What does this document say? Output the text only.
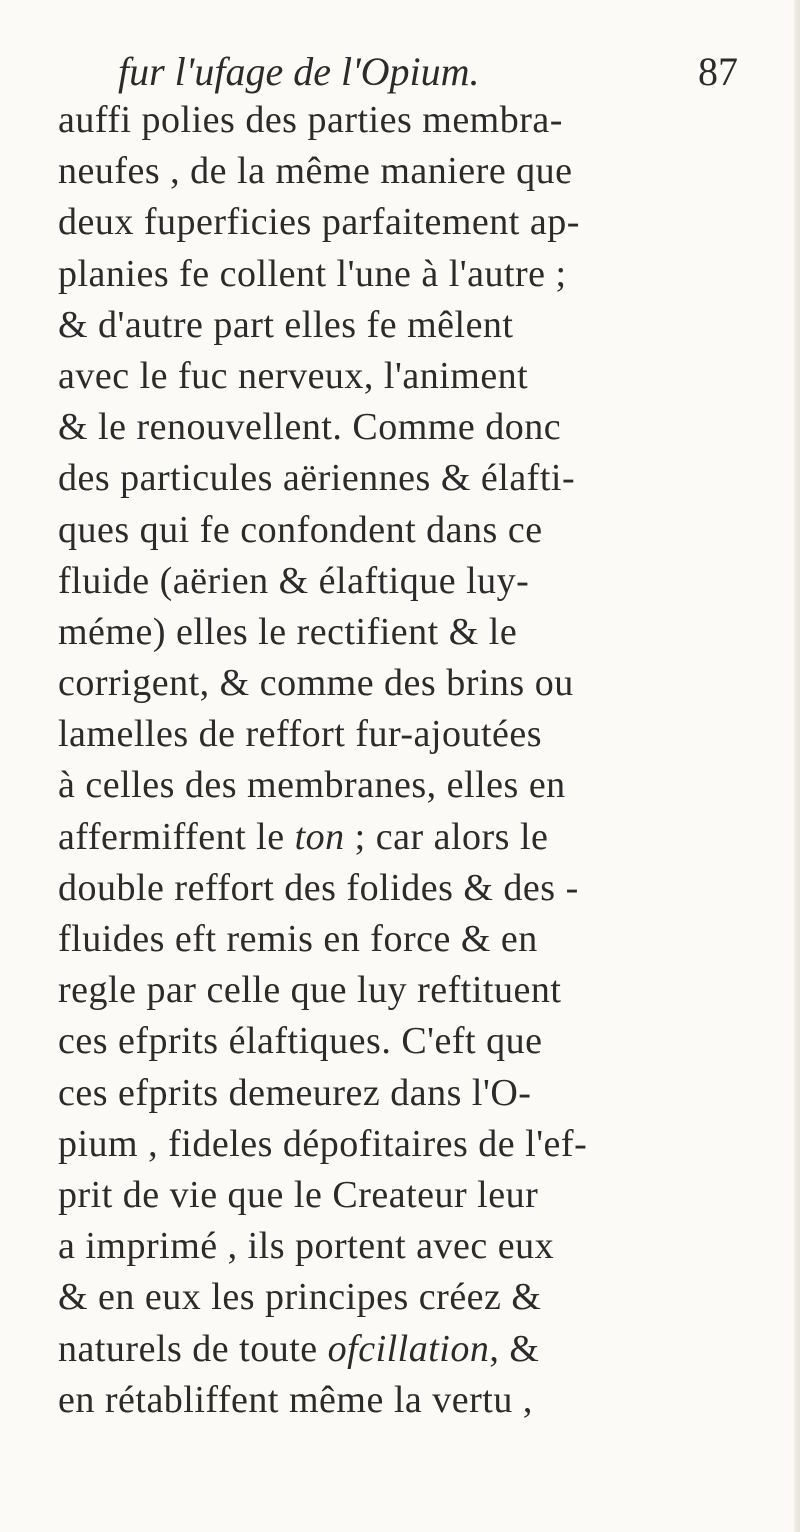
fur l'ufage de l'Opium.	87
auffi polies des parties membra-
neufes , de la même maniere que
deux fuperficies parfaitement ap-
planies fe collent l'une à l'autre ;
& d'autre part elles fe mêlent
avec le fuc nerveux, l'animent
& le renouvellent. Comme donc
des particules aëriennes & élafti-
ques qui fe confondent dans ce
fluide (aërien & élaftique luy-
méme) elles le rectifient & le
corrigent, & comme des brins ou
lamelles de reffort fur-ajoutées
à celles des membranes, elles en
affermiffent le ton ; car alors le
double reffort des folides & des -
fluides eft remis en force & en
regle par celle que luy reftituent
ces efprits élaftiques. C'eft que
ces efprits demeurez dans l'O-
pium , fideles dépofitaires de l'ef-
prit de vie que le Createur leur
a imprimé , ils portent avec eux
& en eux les principes créez &
naturels de toute ofcillation, &
en rétabliffent même la vertu ,
